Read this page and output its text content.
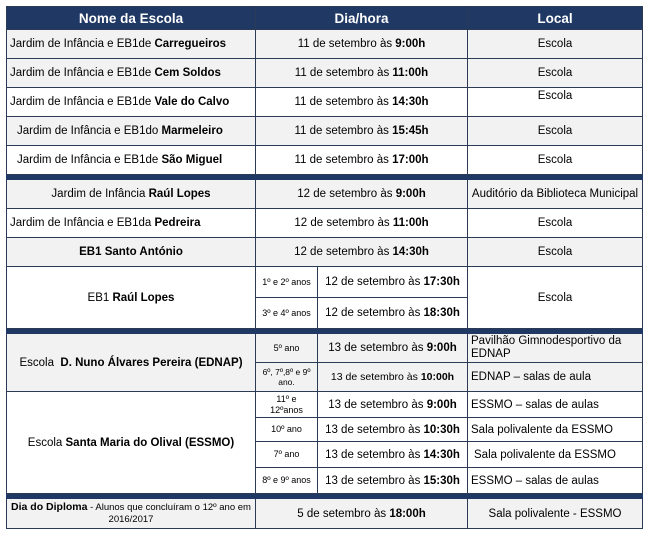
Nome da Escola	Dia/hora		Local
Jardim de Infância e EB1de Carregueiros	11 de setembro às 9:00h		Escola
Jardim de Infância e EB1de Cem Soldos	11 de setembro às 11:00h		Escola
Jardim de Infância e EB1de Vale do Calvo	11 de setembro às 14:30h		Escola
Jardim de Infância e EB1do Marmeleiro	11 de setembro às 15:45h		Escola
Jardim de Infância e EB1de São Miguel	11 de setembro às 17:00h		Escola

Jardim de Infância Raúl Lopes	12 de setembro às 9:00h		Auditório da Biblioteca Municipal
Jardim de Infância e EB1da Pedreira	12 de setembro às 11:00h		Escola
EB1 Santo António	12 de setembro às 14:30h		Escola
EB1 Raúl Lopes	1º e 2º anos	12 de setembro às 17:30h	Escola
	3º e 4º anos	12 de setembro às 18:30h	

Escola  D. Nuno Álvares Pereira (EDNAP)	5º ano	13 de setembro às 9:00h	Pavilhão Gimnodesportivo da EDNAP
	6º, 7º,8º e 9º ano.	13 de setembro às 10:00h	EDNAP – salas de aula
Escola Santa Maria do Olival (ESSMO)	11º e 12ºanos	13 de setembro às 9:00h	ESSMO – salas de aulas
	10º ano	13 de setembro às 10:30h	Sala polivalente da ESSMO
	7º ano	13 de setembro às 14:30h	Sala polivalente da ESSMO
	8º e 9º anos	13 de setembro às 15:30h	ESSMO – salas de aulas

Dia do Diploma - Alunos que concluíram o 12º ano em 2016/2017	5 de setembro às 18:00h		Sala polivalente - ESSMO
